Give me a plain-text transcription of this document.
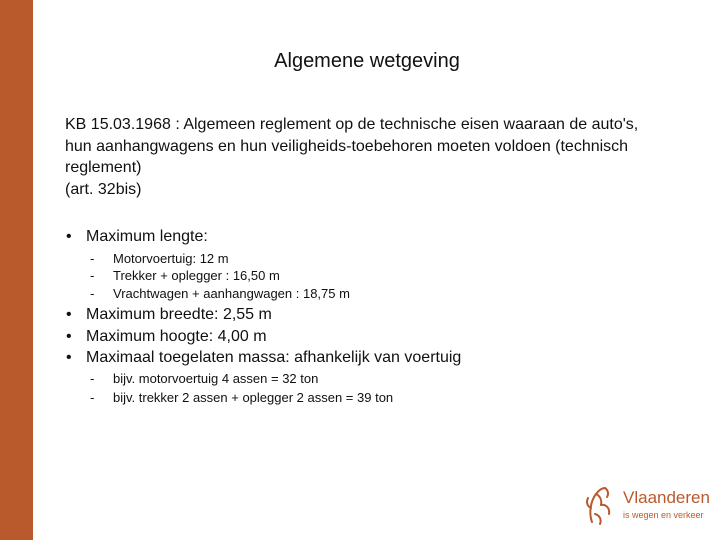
Algemene wetgeving
KB 15.03.1968 : Algemeen reglement op de technische eisen waaraan de auto's,
hun aanhangwagens en hun veiligheids-toebehoren moeten voldoen (technisch
reglement)
(art. 32bis)
• Maximum lengte:
- Motorvoertuig: 12 m
- Trekker + oplegger : 16,50 m
- Vrachtwagen + aanhangwagen : 18,75 m
• Maximum breedte: 2,55 m
• Maximum hoogte: 4,00 m
• Maximaal toegelaten massa: afhankelijk van voertuig
- bijv. motorvoertuig 4 assen = 32 ton
- bijv. trekker 2 assen + oplegger 2 assen = 39 ton
Vlaanderen
is wegen en verkeer
